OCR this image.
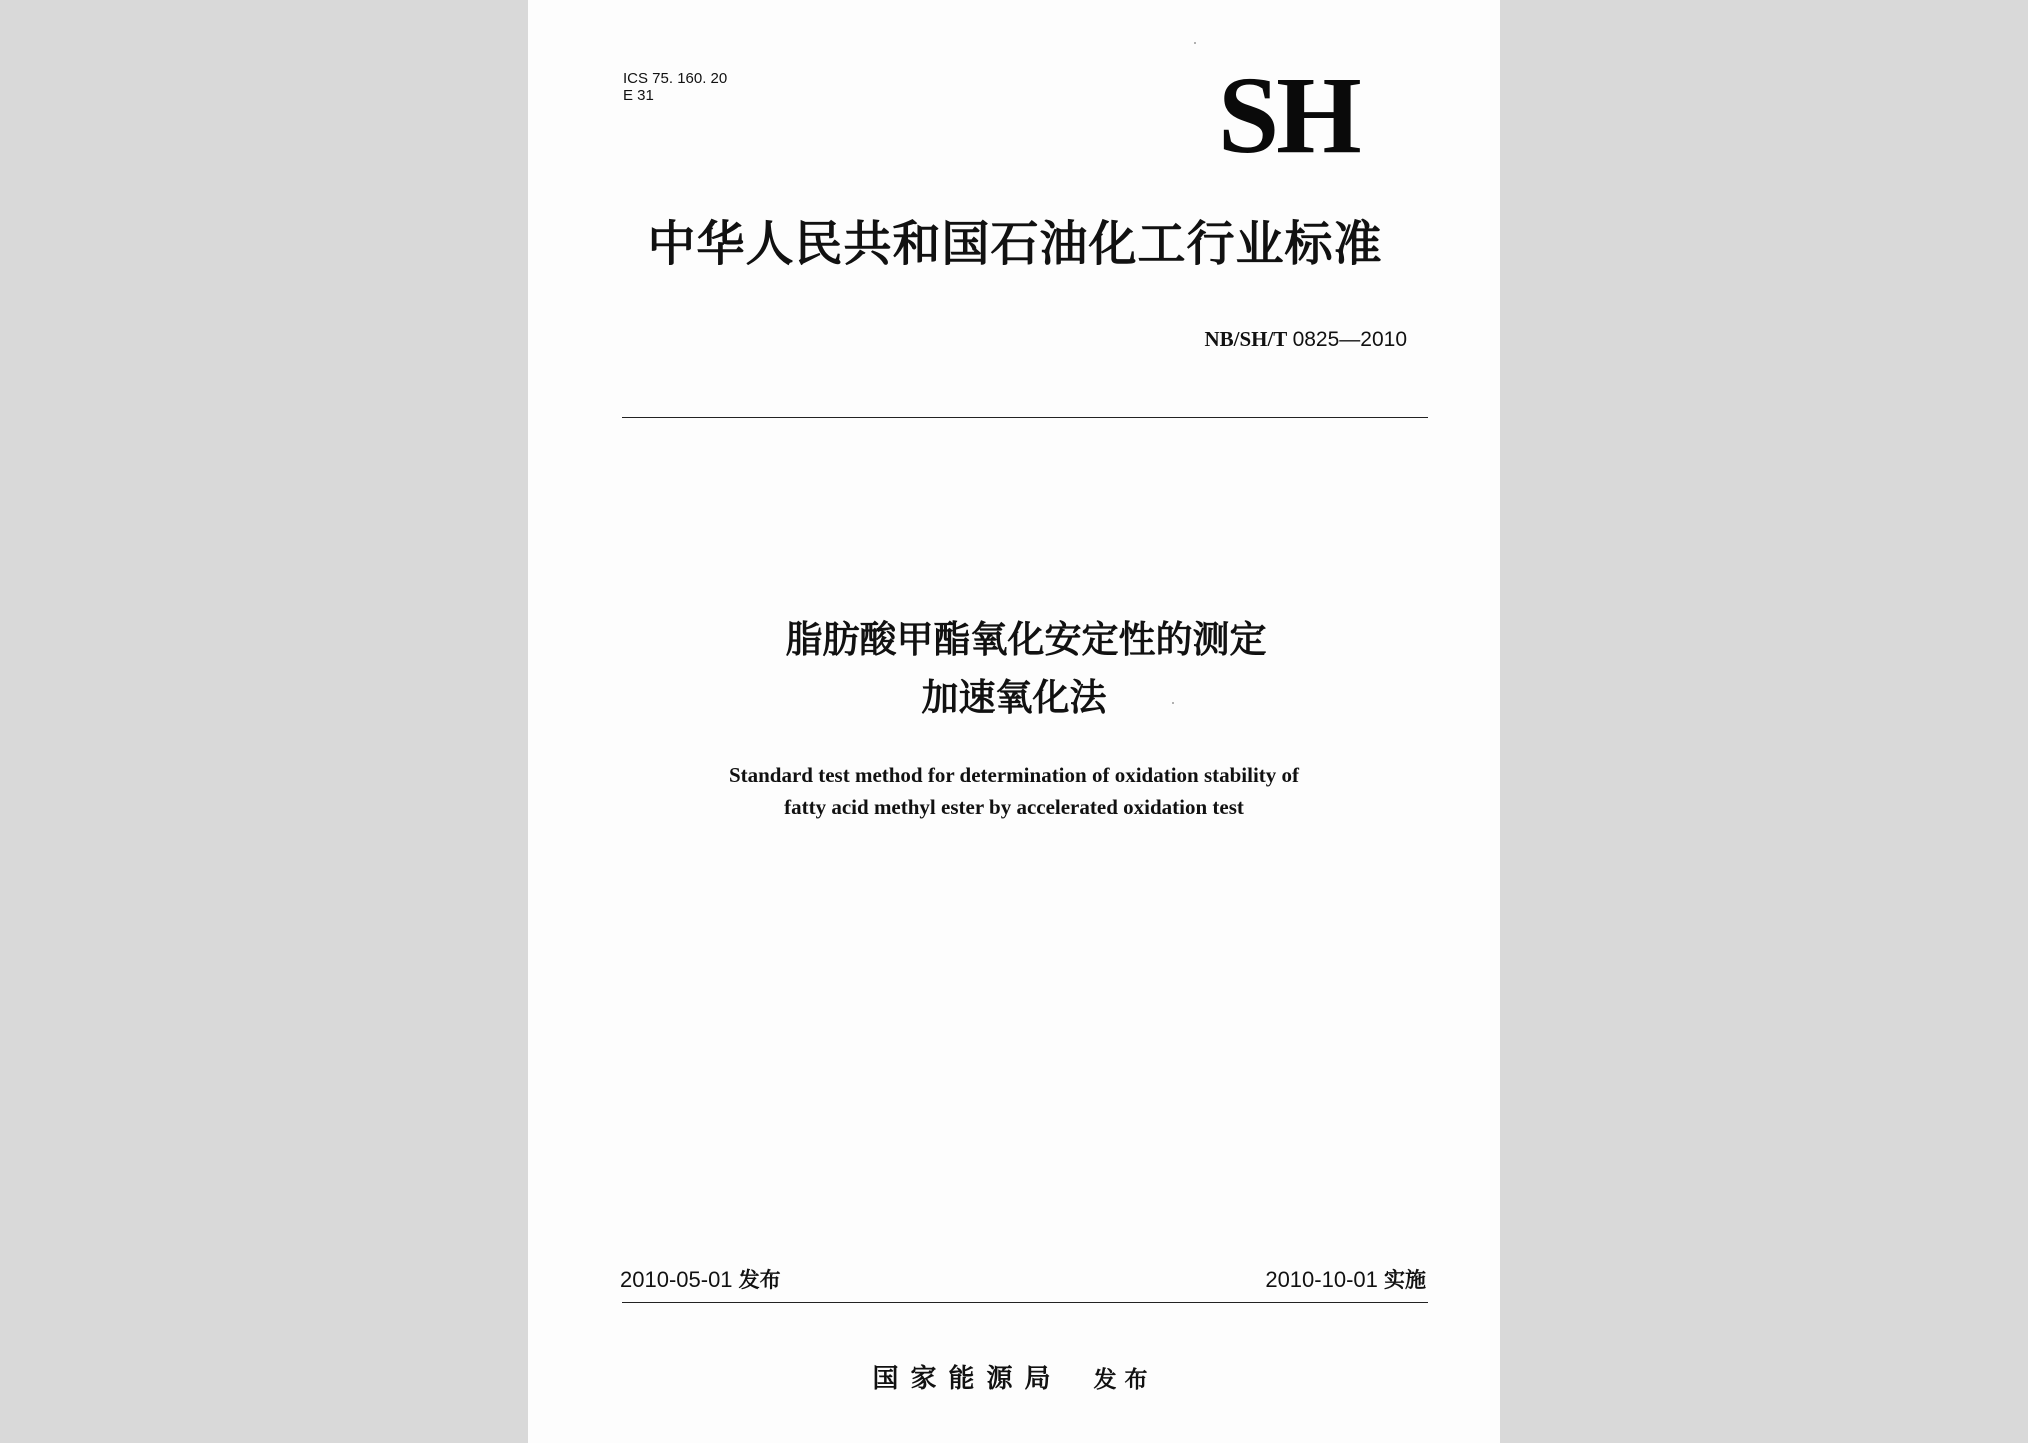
ICS 75. 160. 20
E 31	SH
中华人民共和国石油化工行业标准
NB/SH/T 0825—2010
脂肪酸甲酯氧化安定性的测定
加速氧化法
Standard test method for determination of oxidation stability of
fatty acid methyl ester by accelerated oxidation test
2010-05-01 发布	2010-10-01 实施
国家能源局 发布
